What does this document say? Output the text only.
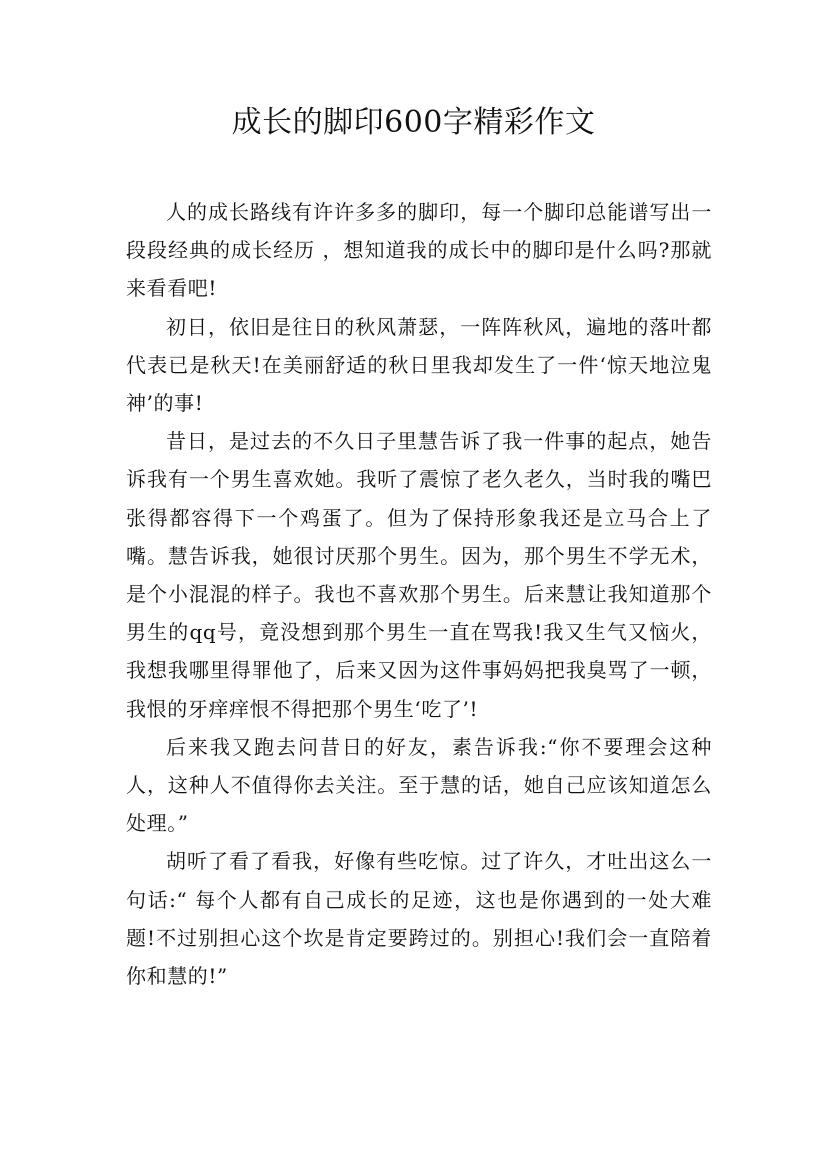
成长的脚印600字精彩作文

人的成长路线有许许多多的脚印，每一个脚印总能谱写出一段段经典的成长经历 ，想知道我的成长中的脚印是什么吗?那就来看看吧!

初日，依旧是往日的秋风萧瑟，一阵阵秋风，遍地的落叶都代表已是秋天!在美丽舒适的秋日里我却发生了一件‘惊天地泣鬼神’的事!

昔日，是过去的不久日子里慧告诉了我一件事的起点，她告诉我有一个男生喜欢她。我听了震惊了老久老久，当时我的嘴巴张得都容得下一个鸡蛋了。但为了保持形象我还是立马合上了嘴。慧告诉我，她很讨厌那个男生。因为，那个男生不学无术，是个小混混的样子。我也不喜欢那个男生。后来慧让我知道那个男生的qq号，竟没想到那个男生一直在骂我!我又生气又恼火，我想我哪里得罪他了，后来又因为这件事妈妈把我臭骂了一顿，我恨的牙痒痒恨不得把那个男生‘吃了’!

后来我又跑去问昔日的好友，素告诉我:“你不要理会这种人，这种人不值得你去关注。至于慧的话，她自己应该知道怎么处理。”

胡听了看了看我，好像有些吃惊。过了许久，才吐出这么一句话:“ 每个人都有自己成长的足迹，这也是你遇到的一处大难题!不过别担心这个坎是肯定要跨过的。别担心!我们会一直陪着你和慧的!”
